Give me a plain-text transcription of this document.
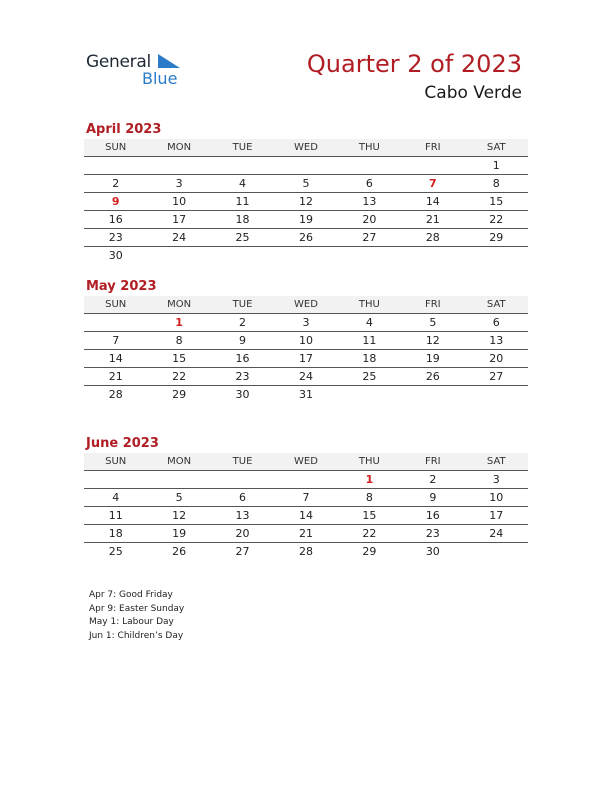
General
Blue
Quarter 2 of 2023
Cabo Verde
April 2023
SUN	MON	TUE	WED	THU	FRI	SAT
						1
2	3	4	5	6	7	8
9	10	11	12	13	14	15
16	17	18	19	20	21	22
23	24	25	26	27	28	29
30						
May 2023
SUN	MON	TUE	WED	THU	FRI	SAT
	1	2	3	4	5	6
7	8	9	10	11	12	13
14	15	16	17	18	19	20
21	22	23	24	25	26	27
28	29	30	31			
June 2023
SUN	MON	TUE	WED	THU	FRI	SAT
				1	2	3
4	5	6	7	8	9	10
11	12	13	14	15	16	17
18	19	20	21	22	23	24
25	26	27	28	29	30	
Apr 7: Good Friday
Apr 9: Easter Sunday
May 1: Labour Day
Jun 1: Children’s Day
